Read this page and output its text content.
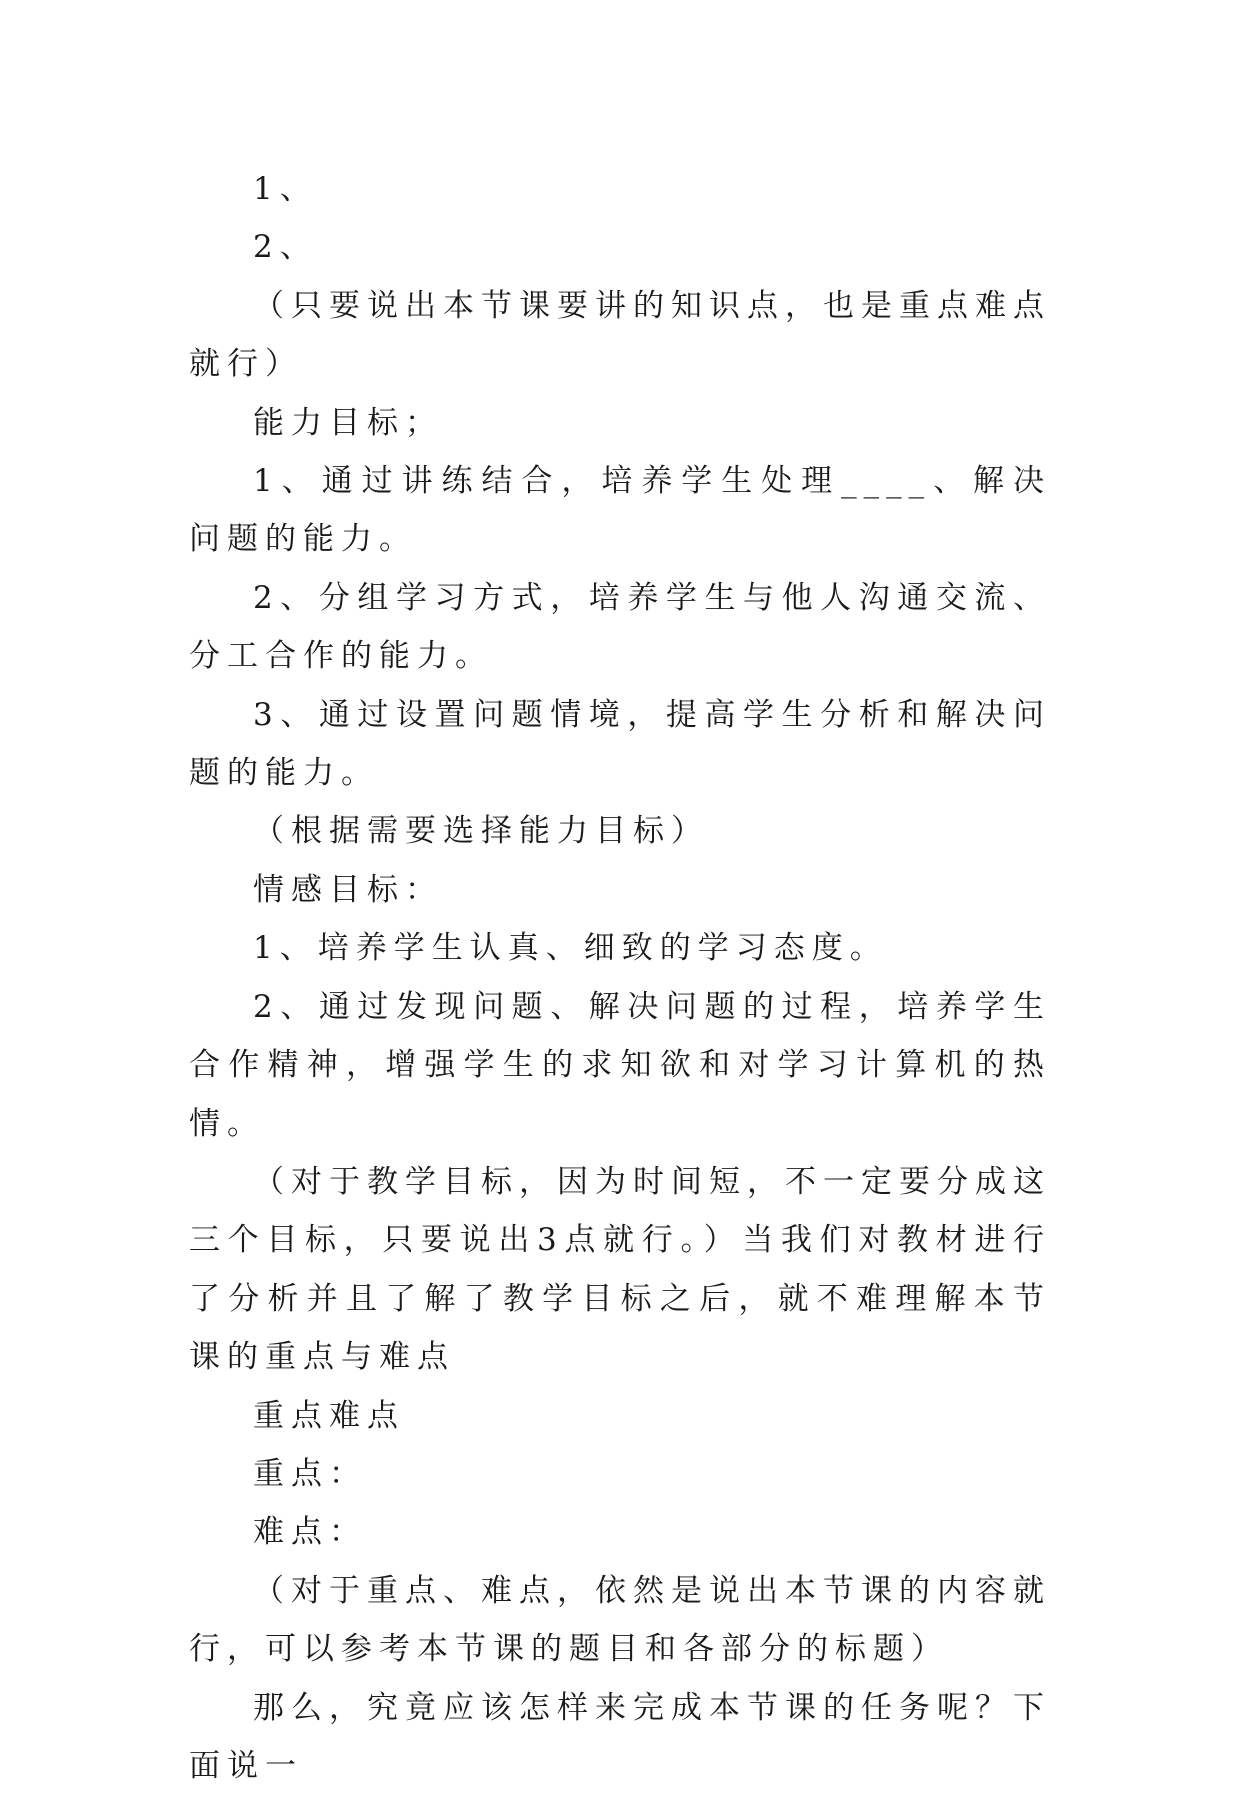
1、

2、

（只要说出本节课要讲的知识点，也是重点难点就行）

能力目标；

1、通过讲练结合，培养学生处理____、解决问题的能力。

2、分组学习方式，培养学生与他人沟通交流、分工合作的能力。

3、通过设置问题情境，提高学生分析和解决问题的能力。

（根据需要选择能力目标）

情感目标：

1、培养学生认真、细致的学习态度。

2、通过发现问题、解决问题的过程，培养学生合作精神，增强学生的求知欲和对学习计算机的热情。

（对于教学目标，因为时间短，不一定要分成这三个目标，只要说出3点就行。）当我们对教材进行了分析并且了解了教学目标之后，就不难理解本节课的重点与难点

重点难点

重点：

难点：

（对于重点、难点，依然是说出本节课的内容就行，可以参考本节课的题目和各部分的标题）

那么，究竟应该怎样来完成本节课的任务呢？下面说一
